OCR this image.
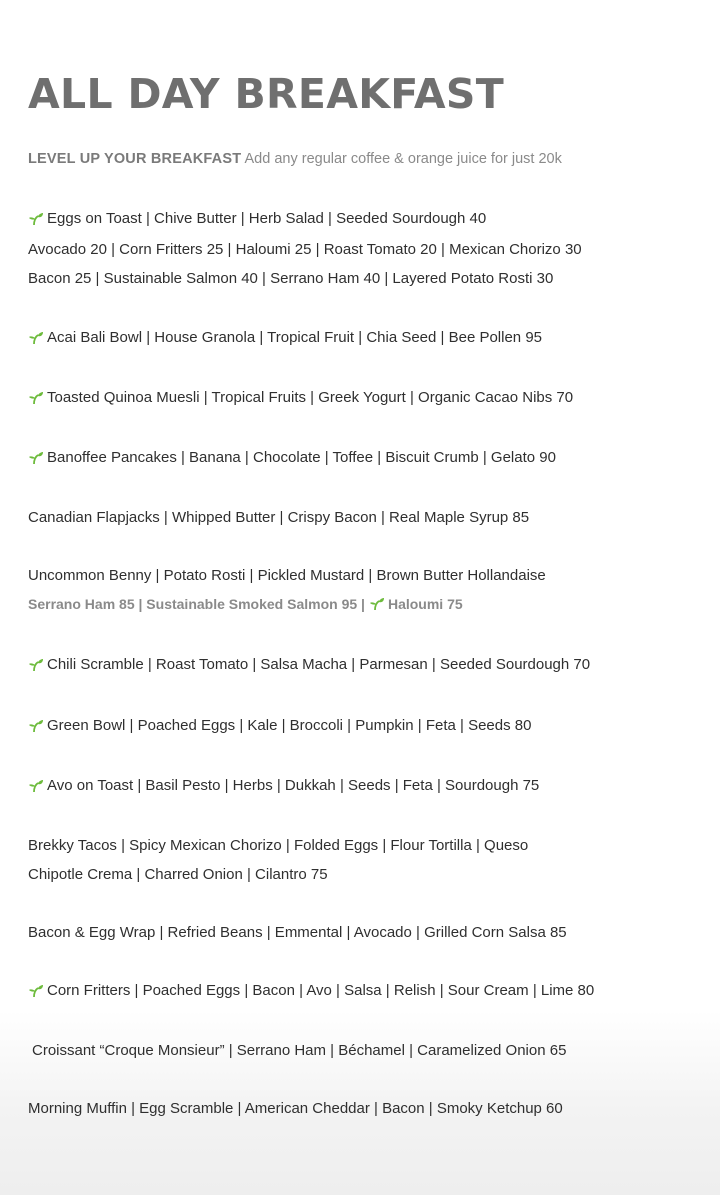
ALL DAY BREAKFAST
LEVEL UP YOUR BREAKFAST Add any regular coffee & orange juice for just 20k
Eggs on Toast | Chive Butter | Herb Salad | Seeded Sourdough 40
Avocado 20 | Corn Fritters 25 | Haloumi 25 | Roast Tomato 20 | Mexican Chorizo 30
Bacon 25 | Sustainable Salmon 40 | Serrano Ham 40 | Layered Potato Rosti 30
Acai Bali Bowl | House Granola | Tropical Fruit | Chia Seed | Bee Pollen 95
Toasted Quinoa Muesli | Tropical Fruits | Greek Yogurt | Organic Cacao Nibs 70
Banoffee Pancakes | Banana | Chocolate | Toffee | Biscuit Crumb | Gelato 90
Canadian Flapjacks | Whipped Butter | Crispy Bacon | Real Maple Syrup 85
Uncommon Benny | Potato Rosti | Pickled Mustard | Brown Butter Hollandaise
Serrano Ham 85 | Sustainable Smoked Salmon 95 | Haloumi 75
Chili Scramble | Roast Tomato | Salsa Macha | Parmesan | Seeded Sourdough 70
Green Bowl | Poached Eggs | Kale | Broccoli | Pumpkin | Feta | Seeds 80
Avo on Toast | Basil Pesto | Herbs | Dukkah | Seeds | Feta | Sourdough 75
Brekky Tacos | Spicy Mexican Chorizo | Folded Eggs | Flour Tortilla | Queso
Chipotle Crema | Charred Onion | Cilantro 75
Bacon & Egg Wrap | Refried Beans | Emmental | Avocado | Grilled Corn Salsa 85
Corn Fritters | Poached Eggs | Bacon | Avo | Salsa | Relish | Sour Cream | Lime 80
Croissant “Croque Monsieur” | Serrano Ham | Béchamel | Caramelized Onion 65
Morning Muffin | Egg Scramble | American Cheddar | Bacon | Smoky Ketchup 60
